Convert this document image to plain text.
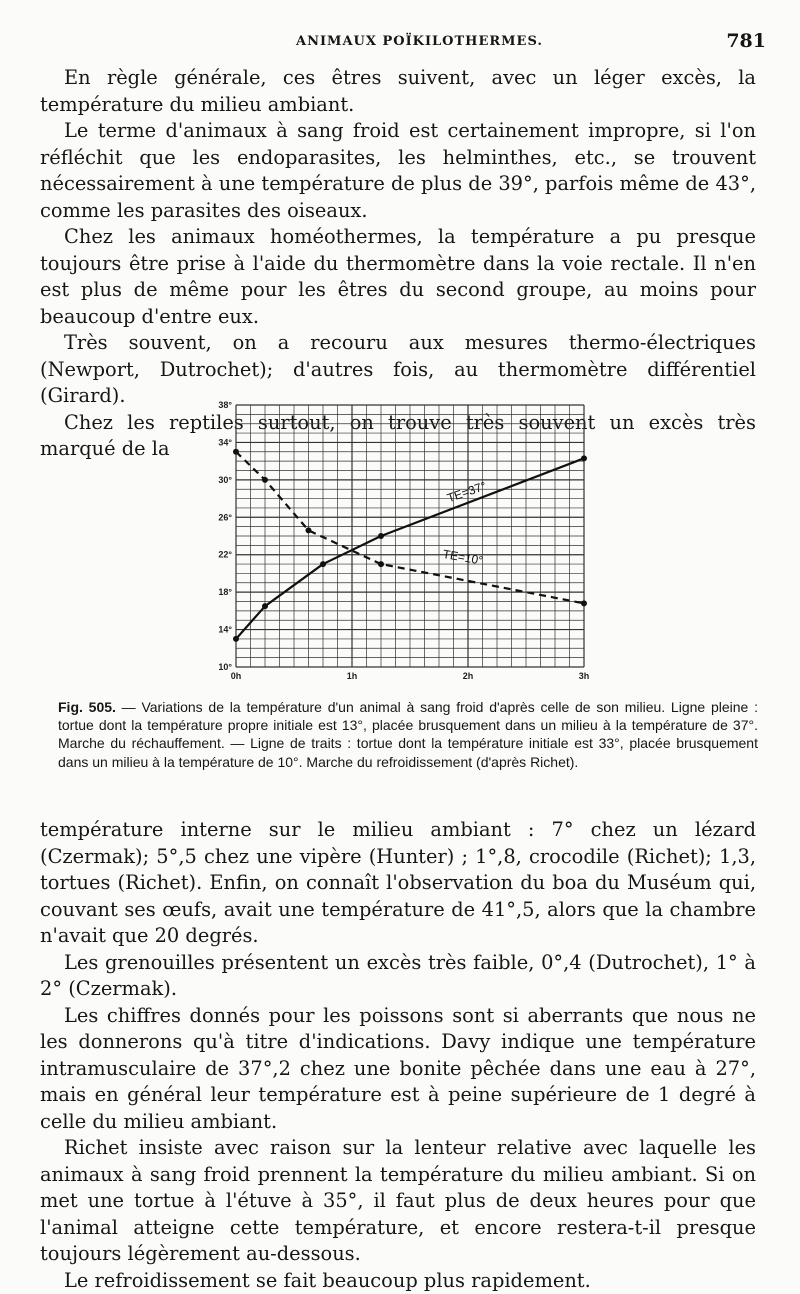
ANIMAUX POÏKILOTHERMES.	781

En règle générale, ces êtres suivent, avec un léger excès, la température du milieu ambiant.

Le terme d'animaux à sang froid est certainement impropre, si l'on réfléchit que les endoparasites, les helminthes, etc., se trouvent nécessairement à une température de plus de 39°, parfois même de 43°, comme les parasites des oiseaux.

Chez les animaux homéothermes, la température a pu presque toujours être prise à l'aide du thermomètre dans la voie rectale. Il n'en est plus de même pour les êtres du second groupe, au moins pour beaucoup d'entre eux.

Très souvent, on a recouru aux mesures thermo-électriques (Newport, Dutrochet); d'autres fois, au thermomètre différentiel (Girard).

Chez les reptiles surtout, on trouve très souvent un excès très marqué de la

10°
14°
18°
22°
26°
30°
34°
38°
0h	1h	2h	3h
TE=37°
TE=10°
Fig. 505. — Variations de la température d'un animal à sang froid d'après celle de son milieu. Ligne pleine : tortue dont la température propre initiale est 13°, placée brusquement dans un milieu à la température de 37°. Marche du réchauffement. — Ligne de traits : tortue dont la température initiale est 33°, placée brusquement dans un milieu à la température de 10°. Marche du refroidissement (d'après Richet).

température interne sur le milieu ambiant : 7° chez un lézard (Czermak); 5°,5 chez une vipère (Hunter) ; 1°,8, crocodile (Richet); 1,3, tortues (Richet). Enfin, on connaît l'observation du boa du Muséum qui, couvant ses œufs, avait une température de 41°,5, alors que la chambre n'avait que 20 degrés.

Les grenouilles présentent un excès très faible, 0°,4 (Dutrochet), 1° à 2° (Czermak).

Les chiffres donnés pour les poissons sont si aberrants que nous ne les donnerons qu'à titre d'indications. Davy indique une température intramusculaire de 37°,2 chez une bonite pêchée dans une eau à 27°, mais en général leur température est à peine supérieure de 1 degré à celle du milieu ambiant.

Richet insiste avec raison sur la lenteur relative avec laquelle les animaux à sang froid prennent la température du milieu ambiant. Si on met une tortue à l'étuve à 35°, il faut plus de deux heures pour que l'animal atteigne cette température, et encore restera-t-il presque toujours légèrement au-dessous.

Le refroidissement se fait beaucoup plus rapidement.
